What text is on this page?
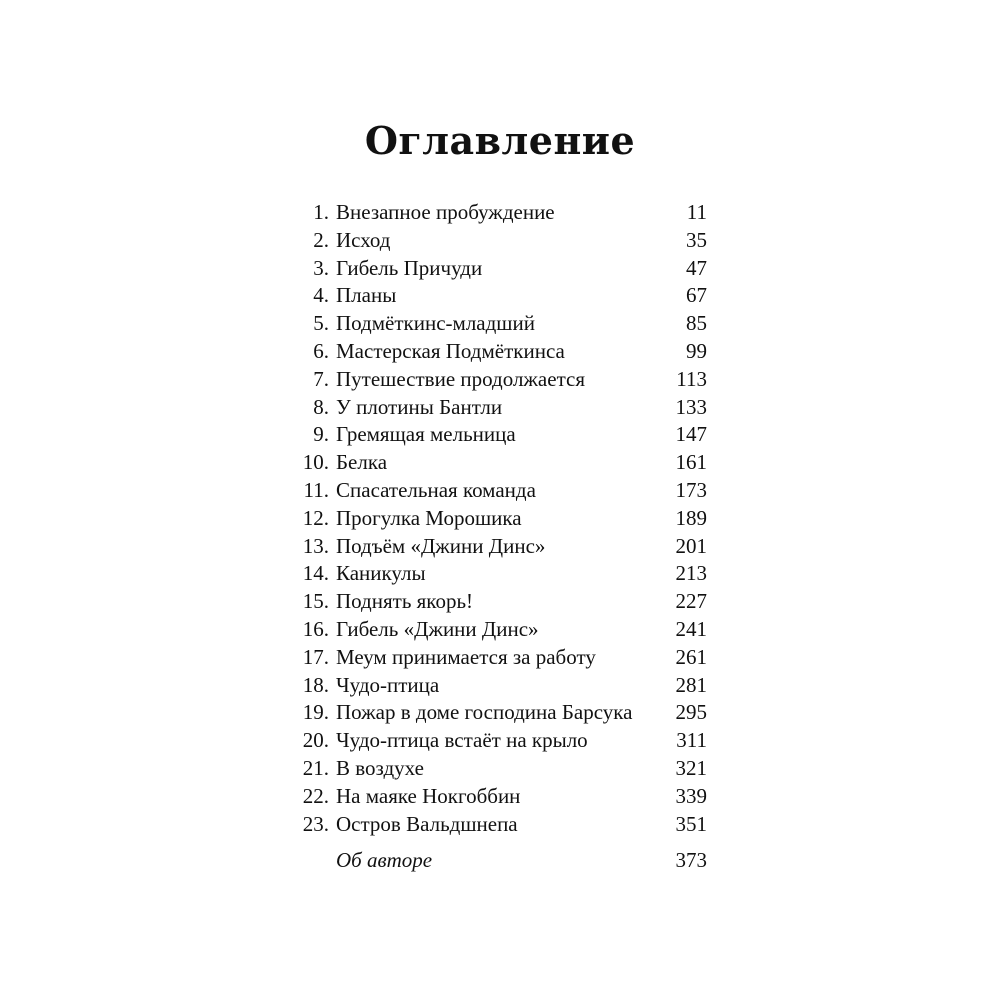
Оглавление
1. Внезапное пробуждение	11
2. Исход	35
3. Гибель Причуди	47
4. Планы	67
5. Подмёткинс-младший	85
6. Мастерская Подмёткинса	99
7. Путешествие продолжается	113
8. У плотины Бантли	133
9. Гремящая мельница	147
10. Белка	161
11. Спасательная команда	173
12. Прогулка Морошика	189
13. Подъём «Джини Динс»	201
14. Каникулы	213
15. Поднять якорь!	227
16. Гибель «Джини Динс»	241
17. Меум принимается за работу	261
18. Чудо-птица	281
19. Пожар в доме господина Барсука	295
20. Чудо-птица встаёт на крыло	311
21. В воздухе	321
22. На маяке Нокгоббин	339
23. Остров Вальдшнепа	351
Об авторе	373
